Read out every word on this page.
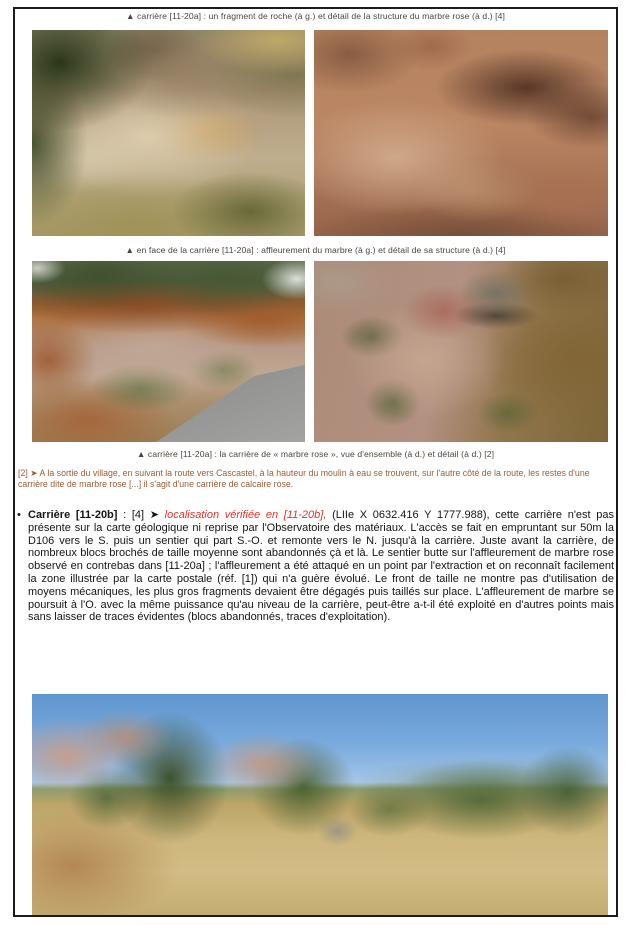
▲ carrière [11-20a] : un fragment de roche (à g.) et détail de la structure du marbre rose (à d.) [4]
▲ en face de la carrière [11-20a] : affleurement du marbre (à g.) et détail de sa structure (à d.) [4]
▲ carrière [11-20a] : la carrière de « marbre rose », vue d'ensemble (à d.) et détail (à d.) [2]
[2] ➤ A la sortie du village, en suivant la route vers Cascastel, à la hauteur du moulin à eau se trouvent, sur l'autre côté de la route, les restes d'une carrière dite de marbre rose [...] il s'agit d'une carrière de calcaire rose.
• Carrière [11-20b] : [4] ➤ localisation vérifiée en [11-20b], (LIIe X 0632.416 Y 1777.988), cette carrière n'est pas présente sur la carte géologique ni reprise par l'Observatoire des matériaux. L'accès se fait en empruntant sur 50m la D106 vers le S. puis un sentier qui part S.-O. et remonte vers le N. jusqu'à la carrière. Juste avant la carrière, de nombreux blocs brochés de taille moyenne sont abandonnés çà et là. Le sentier butte sur l'affleurement de marbre rose observé en contrebas dans [11-20a] ; l'affleurement a été attaqué en un point par l'extraction et on reconnaît facilement la zone illustrée par la carte postale (réf. [1]) qui n'a guère évolué. Le front de taille ne montre pas d'utilisation de moyens mécaniques, les plus gros fragments devaient être dégagés puis taillés sur place. L'affleurement de marbre se poursuit à l'O. avec la même puissance qu'au niveau de la carrière, peut-être a-t-il été exploité en d'autres points mais sans laisser de traces évidentes (blocs abandonnés, traces d'exploitation).
